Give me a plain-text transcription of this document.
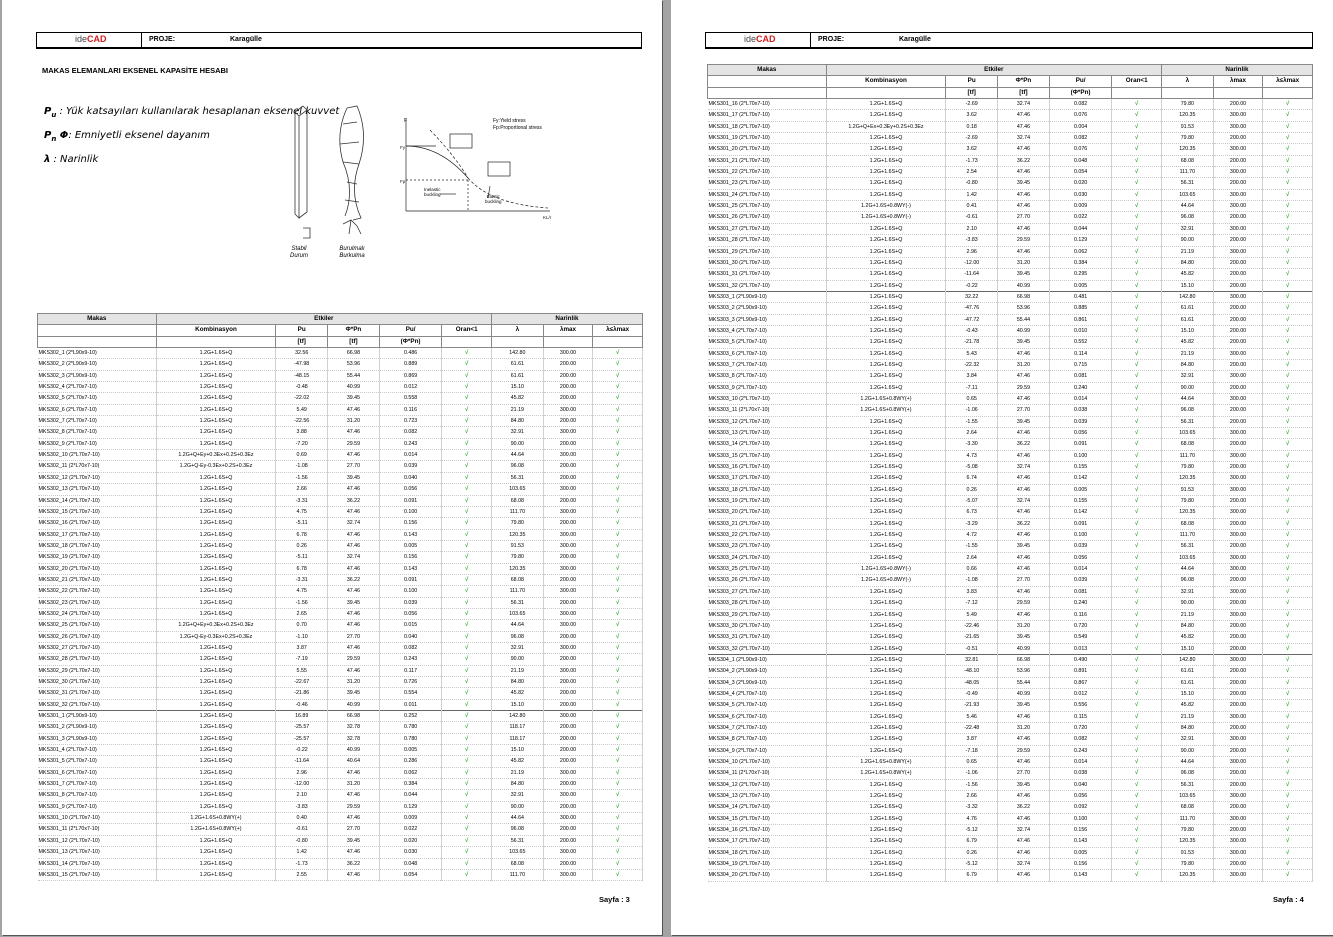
ideCAD	PROJE:	Karagülle
MAKAS ELEMANLARI EKSENEL KAPASİTE HESABI
$P_u$ : Yük katsayıları kullanılarak hesaplanan eksenel kuvvet
$P_n$ Φ: Emniyetli eksenel dayanım
λ : Narinlik
Stabil
Durum
Burulmalı
Burkulma
F
Fy
Fp
KL/r
Fy:Yield stress
Fp:Proportional stress
Inelastic
buckling	Elastic
buckling
Makas	Etkiler					Narinlik		
	Kombinasyon	Pu	Φ*Pn	Pu/	Oran<1	λ	λmax	λ≤λmax
		[tf]	[tf]	(Φ*Pn)				
MKS302_1 (2*L90x9-10)	1.2G+1.6S+Q	32.56	66.98	0.486	√	142.80	300.00	√
MKS302_2 (2*L90x9-10)	1.2G+1.6S+Q	-47.98	53.96	0.889	√	61.61	200.00	√
MKS302_3 (2*L90x9-10)	1.2G+1.6S+Q	-48.15	55.44	0.869	√	61.61	200.00	√
MKS302_4 (2*L70x7-10)	1.2G+1.6S+Q	-0.48	40.99	0.012	√	15.10	200.00	√
MKS302_5 (2*L70x7-10)	1.2G+1.6S+Q	-22.02	39.45	0.558	√	45.82	200.00	√
MKS302_6 (2*L70x7-10)	1.2G+1.6S+Q	5.49	47.46	0.116	√	21.19	300.00	√
MKS302_7 (2*L70x7-10)	1.2G+1.6S+Q	-22.56	31.20	0.723	√	84.80	200.00	√
MKS302_8 (2*L70x7-10)	1.2G+1.6S+Q	3.88	47.46	0.082	√	32.91	300.00	√
MKS302_9 (2*L70x7-10)	1.2G+1.6S+Q	-7.20	29.59	0.243	√	90.00	200.00	√
MKS302_10 (2*L70x7-10)	1.2G+Q+Ey+0.3Ex+0.2S+0.3Ez	0.69	47.46	0.014	√	44.64	300.00	√
MKS302_11 (2*L70x7-10)	1.2G+Q-Ey-0.3Ex+0.2S+0.3Ez	-1.08	27.70	0.039	√	96.08	200.00	√
MKS302_12 (2*L70x7-10)	1.2G+1.6S+Q	-1.56	39.45	0.040	√	56.31	200.00	√
MKS302_13 (2*L70x7-10)	1.2G+1.6S+Q	2.66	47.46	0.056	√	103.65	300.00	√
MKS302_14 (2*L70x7-10)	1.2G+1.6S+Q	-3.31	36.22	0.091	√	68.08	200.00	√
MKS302_15 (2*L70x7-10)	1.2G+1.6S+Q	4.75	47.46	0.100	√	111.70	300.00	√
MKS302_16 (2*L70x7-10)	1.2G+1.6S+Q	-5.11	32.74	0.156	√	79.80	200.00	√
MKS302_17 (2*L70x7-10)	1.2G+1.6S+Q	6.78	47.46	0.143	√	120.35	300.00	√
MKS302_18 (2*L70x7-10)	1.2G+1.6S+Q	0.26	47.46	0.005	√	91.53	300.00	√
MKS302_19 (2*L70x7-10)	1.2G+1.6S+Q	-5.11	32.74	0.156	√	79.80	200.00	√
MKS302_20 (2*L70x7-10)	1.2G+1.6S+Q	6.78	47.46	0.143	√	120.35	300.00	√
MKS302_21 (2*L70x7-10)	1.2G+1.6S+Q	-3.31	36.22	0.091	√	68.08	200.00	√
MKS302_22 (2*L70x7-10)	1.2G+1.6S+Q	4.75	47.46	0.100	√	111.70	300.00	√
MKS302_23 (2*L70x7-10)	1.2G+1.6S+Q	-1.56	39.45	0.039	√	56.31	200.00	√
MKS302_24 (2*L70x7-10)	1.2G+1.6S+Q	2.65	47.46	0.056	√	103.65	300.00	√
MKS302_25 (2*L70x7-10)	1.2G+Q+Ey+0.3Ex+0.2S+0.3Ez	0.70	47.46	0.015	√	44.64	300.00	√
MKS302_26 (2*L70x7-10)	1.2G+Q-Ey-0.3Ex+0.2S+0.3Ez	-1.10	27.70	0.040	√	96.08	200.00	√
MKS302_27 (2*L70x7-10)	1.2G+1.6S+Q	3.87	47.46	0.082	√	32.91	300.00	√
MKS302_28 (2*L70x7-10)	1.2G+1.6S+Q	-7.19	29.59	0.243	√	90.00	200.00	√
MKS302_29 (2*L70x7-10)	1.2G+1.6S+Q	5.55	47.46	0.117	√	21.19	300.00	√
MKS302_30 (2*L70x7-10)	1.2G+1.6S+Q	-22.67	31.20	0.726	√	84.80	200.00	√
MKS302_31 (2*L70x7-10)	1.2G+1.6S+Q	-21.86	39.45	0.554	√	45.82	200.00	√
MKS302_32 (2*L70x7-10)	1.2G+1.6S+Q	-0.46	40.99	0.011	√	15.10	200.00	√
MKS301_1 (2*L90x9-10)	1.2G+1.6S+Q	16.89	66.98	0.252	√	142.80	300.00	√
MKS301_2 (2*L90x9-10)	1.2G+1.6S+Q	-25.57	32.78	0.780	√	118.17	200.00	√
MKS301_3 (2*L90x9-10)	1.2G+1.6S+Q	-25.57	32.78	0.780	√	118.17	200.00	√
MKS301_4 (2*L70x7-10)	1.2G+1.6S+Q	-0.22	40.99	0.005	√	15.10	200.00	√
MKS301_5 (2*L70x7-10)	1.2G+1.6S+Q	-11.64	40.64	0.286	√	45.82	200.00	√
MKS301_6 (2*L70x7-10)	1.2G+1.6S+Q	2.96	47.46	0.062	√	21.19	300.00	√
MKS301_7 (2*L70x7-10)	1.2G+1.6S+Q	-12.00	31.20	0.384	√	84.80	200.00	√
MKS301_8 (2*L70x7-10)	1.2G+1.6S+Q	2.10	47.46	0.044	√	32.91	300.00	√
MKS301_9 (2*L70x7-10)	1.2G+1.6S+Q	-3.83	29.59	0.129	√	90.00	200.00	√
MKS301_10 (2*L70x7-10)	1.2G+1.6S+0.8WY(+)	0.40	47.46	0.009	√	44.64	300.00	√
MKS301_11 (2*L70x7-10)	1.2G+1.6S+0.8WY(+)	-0.61	27.70	0.022	√	96.08	200.00	√
MKS301_12 (2*L70x7-10)	1.2G+1.6S+Q	-0.80	39.45	0.020	√	56.31	200.00	√
MKS301_13 (2*L70x7-10)	1.2G+1.6S+Q	1.42	47.46	0.030	√	103.65	300.00	√
MKS301_14 (2*L70x7-10)	1.2G+1.6S+Q	-1.73	36.22	0.048	√	68.08	200.00	√
MKS301_15 (2*L70x7-10)	1.2G+1.6S+Q	2.55	47.46	0.054	√	111.70	300.00	√
Sayfa : 3
ideCAD	PROJE:	Karagülle
Makas	Etkiler					Narinlik		
	Kombinasyon	Pu	Φ*Pn	Pu/	Oran<1	λ	λmax	λ≤λmax
		[tf]	[tf]	(Φ*Pn)				
MKS301_16 (2*L70x7-10)	1.2G+1.6S+Q	-2.69	32.74	0.082	√	79.80	200.00	√
MKS301_17 (2*L70x7-10)	1.2G+1.6S+Q	3.62	47.46	0.076	√	120.35	300.00	√
MKS301_18 (2*L70x7-10)	1.2G+Q+Ex+0.3Ey+0.2S+0.3Ez	0.18	47.46	0.004	√	91.53	300.00	√
MKS301_19 (2*L70x7-10)	1.2G+1.6S+Q	-2.69	32.74	0.082	√	79.80	200.00	√
MKS301_20 (2*L70x7-10)	1.2G+1.6S+Q	3.62	47.46	0.076	√	120.35	300.00	√
MKS301_21 (2*L70x7-10)	1.2G+1.6S+Q	-1.73	36.22	0.048	√	68.08	200.00	√
MKS301_22 (2*L70x7-10)	1.2G+1.6S+Q	2.54	47.46	0.054	√	111.70	300.00	√
MKS301_23 (2*L70x7-10)	1.2G+1.6S+Q	-0.80	39.45	0.020	√	56.31	200.00	√
MKS301_24 (2*L70x7-10)	1.2G+1.6S+Q	1.42	47.46	0.030	√	103.65	300.00	√
MKS301_25 (2*L70x7-10)	1.2G+1.6S+0.8WY(-)	0.41	47.46	0.009	√	44.64	300.00	√
MKS301_26 (2*L70x7-10)	1.2G+1.6S+0.8WY(-)	-0.61	27.70	0.022	√	96.08	200.00	√
MKS301_27 (2*L70x7-10)	1.2G+1.6S+Q	2.10	47.46	0.044	√	32.91	300.00	√
MKS301_28 (2*L70x7-10)	1.2G+1.6S+Q	-3.83	29.59	0.129	√	90.00	200.00	√
MKS301_29 (2*L70x7-10)	1.2G+1.6S+Q	2.96	47.46	0.062	√	21.19	300.00	√
MKS301_30 (2*L70x7-10)	1.2G+1.6S+Q	-12.00	31.20	0.384	√	84.80	200.00	√
MKS301_31 (2*L70x7-10)	1.2G+1.6S+Q	-11.64	39.45	0.295	√	45.82	200.00	√
MKS301_32 (2*L70x7-10)	1.2G+1.6S+Q	-0.22	40.99	0.005	√	15.10	200.00	√
MKS303_1 (2*L90x9-10)	1.2G+1.6S+Q	32.22	66.98	0.481	√	142.80	300.00	√
MKS303_2 (2*L90x9-10)	1.2G+1.6S+Q	-47.76	53.96	0.885	√	61.61	200.00	√
MKS303_3 (2*L90x9-10)	1.2G+1.6S+Q	-47.72	55.44	0.861	√	61.61	200.00	√
MKS303_4 (2*L70x7-10)	1.2G+1.6S+Q	-0.43	40.99	0.010	√	15.10	200.00	√
MKS303_5 (2*L70x7-10)	1.2G+1.6S+Q	-21.78	39.45	0.552	√	45.82	200.00	√
MKS303_6 (2*L70x7-10)	1.2G+1.6S+Q	5.43	47.46	0.114	√	21.19	300.00	√
MKS303_7 (2*L70x7-10)	1.2G+1.6S+Q	-22.32	31.20	0.715	√	84.80	200.00	√
MKS303_8 (2*L70x7-10)	1.2G+1.6S+Q	3.84	47.46	0.081	√	32.91	300.00	√
MKS303_9 (2*L70x7-10)	1.2G+1.6S+Q	-7.11	29.59	0.240	√	90.00	200.00	√
MKS303_10 (2*L70x7-10)	1.2G+1.6S+0.8WY(+)	0.65	47.46	0.014	√	44.64	300.00	√
MKS303_11 (2*L70x7-10)	1.2G+1.6S+0.8WY(+)	-1.06	27.70	0.038	√	96.08	200.00	√
MKS303_12 (2*L70x7-10)	1.2G+1.6S+Q	-1.55	39.45	0.039	√	56.31	200.00	√
MKS303_13 (2*L70x7-10)	1.2G+1.6S+Q	2.64	47.46	0.056	√	103.65	300.00	√
MKS303_14 (2*L70x7-10)	1.2G+1.6S+Q	-3.30	36.22	0.091	√	68.08	200.00	√
MKS303_15 (2*L70x7-10)	1.2G+1.6S+Q	4.73	47.46	0.100	√	111.70	300.00	√
MKS303_16 (2*L70x7-10)	1.2G+1.6S+Q	-5.08	32.74	0.155	√	79.80	200.00	√
MKS303_17 (2*L70x7-10)	1.2G+1.6S+Q	6.74	47.46	0.142	√	120.35	300.00	√
MKS303_18 (2*L70x7-10)	1.2G+1.6S+Q	0.26	47.46	0.005	√	91.53	300.00	√
MKS303_19 (2*L70x7-10)	1.2G+1.6S+Q	-5.07	32.74	0.155	√	79.80	200.00	√
MKS303_20 (2*L70x7-10)	1.2G+1.6S+Q	6.73	47.46	0.142	√	120.35	300.00	√
MKS303_21 (2*L70x7-10)	1.2G+1.6S+Q	-3.29	36.22	0.091	√	68.08	200.00	√
MKS303_22 (2*L70x7-10)	1.2G+1.6S+Q	4.72	47.46	0.100	√	111.70	300.00	√
MKS303_23 (2*L70x7-10)	1.2G+1.6S+Q	-1.55	39.45	0.039	√	56.31	200.00	√
MKS303_24 (2*L70x7-10)	1.2G+1.6S+Q	2.64	47.46	0.056	√	103.65	300.00	√
MKS303_25 (2*L70x7-10)	1.2G+1.6S+0.8WY(-)	0.66	47.46	0.014	√	44.64	300.00	√
MKS303_26 (2*L70x7-10)	1.2G+1.6S+0.8WY(-)	-1.08	27.70	0.039	√	96.08	200.00	√
MKS303_27 (2*L70x7-10)	1.2G+1.6S+Q	3.83	47.46	0.081	√	32.91	300.00	√
MKS303_28 (2*L70x7-10)	1.2G+1.6S+Q	-7.12	29.59	0.240	√	90.00	200.00	√
MKS303_29 (2*L70x7-10)	1.2G+1.6S+Q	5.49	47.46	0.116	√	21.19	300.00	√
MKS303_30 (2*L70x7-10)	1.2G+1.6S+Q	-22.46	31.20	0.720	√	84.80	200.00	√
MKS303_31 (2*L70x7-10)	1.2G+1.6S+Q	-21.65	39.45	0.549	√	45.82	200.00	√
MKS303_32 (2*L70x7-10)	1.2G+1.6S+Q	-0.51	40.99	0.013	√	15.10	200.00	√
MKS304_1 (2*L90x9-10)	1.2G+1.6S+Q	32.81	66.98	0.490	√	142.80	300.00	√
MKS304_2 (2*L90x9-10)	1.2G+1.6S+Q	-48.10	53.96	0.891	√	61.61	200.00	√
MKS304_3 (2*L90x9-10)	1.2G+1.6S+Q	-48.05	55.44	0.867	√	61.61	200.00	√
MKS304_4 (2*L70x7-10)	1.2G+1.6S+Q	-0.49	40.99	0.012	√	15.10	200.00	√
MKS304_5 (2*L70x7-10)	1.2G+1.6S+Q	-21.93	39.45	0.556	√	45.82	200.00	√
MKS304_6 (2*L70x7-10)	1.2G+1.6S+Q	5.46	47.46	0.115	√	21.19	300.00	√
MKS304_7 (2*L70x7-10)	1.2G+1.6S+Q	-22.48	31.20	0.720	√	84.80	200.00	√
MKS304_8 (2*L70x7-10)	1.2G+1.6S+Q	3.87	47.46	0.082	√	32.91	300.00	√
MKS304_9 (2*L70x7-10)	1.2G+1.6S+Q	-7.18	29.59	0.243	√	90.00	200.00	√
MKS304_10 (2*L70x7-10)	1.2G+1.6S+0.8WY(+)	0.65	47.46	0.014	√	44.64	300.00	√
MKS304_11 (2*L70x7-10)	1.2G+1.6S+0.8WY(+)	-1.06	27.70	0.038	√	96.08	200.00	√
MKS304_12 (2*L70x7-10)	1.2G+1.6S+Q	-1.56	39.45	0.040	√	56.31	200.00	√
MKS304_13 (2*L70x7-10)	1.2G+1.6S+Q	2.66	47.46	0.056	√	103.65	300.00	√
MKS304_14 (2*L70x7-10)	1.2G+1.6S+Q	-3.32	36.22	0.092	√	68.08	200.00	√
MKS304_15 (2*L70x7-10)	1.2G+1.6S+Q	4.76	47.46	0.100	√	111.70	300.00	√
MKS304_16 (2*L70x7-10)	1.2G+1.6S+Q	-5.12	32.74	0.156	√	79.80	200.00	√
MKS304_17 (2*L70x7-10)	1.2G+1.6S+Q	6.79	47.46	0.143	√	120.35	300.00	√
MKS304_18 (2*L70x7-10)	1.2G+1.6S+Q	0.26	47.46	0.005	√	91.53	300.00	√
MKS304_19 (2*L70x7-10)	1.2G+1.6S+Q	-5.12	32.74	0.156	√	79.80	200.00	√
MKS304_20 (2*L70x7-10)	1.2G+1.6S+Q	6.79	47.46	0.143	√	120.35	300.00	√
Sayfa : 4
